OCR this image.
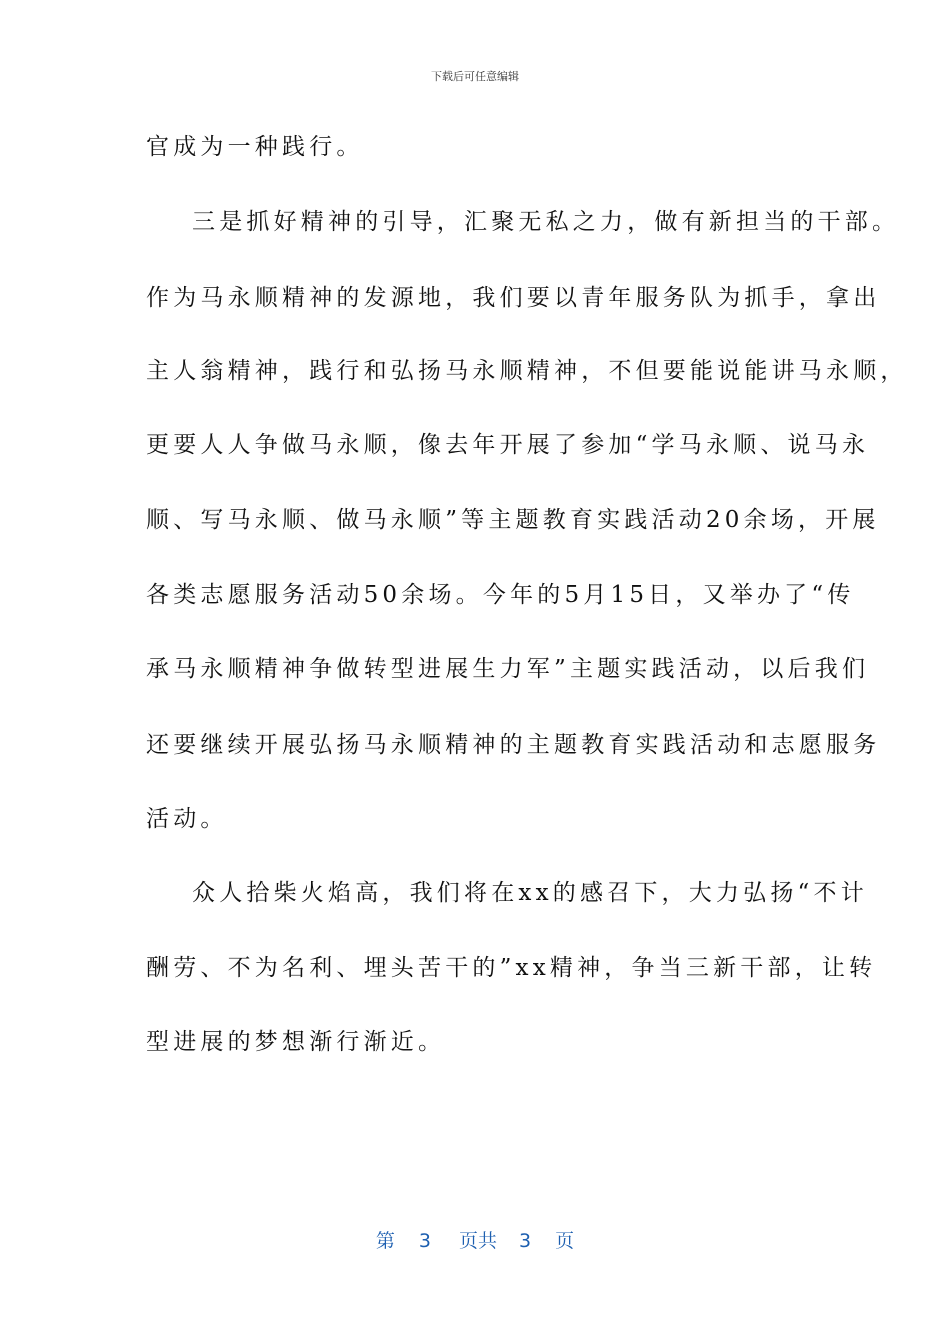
下载后可任意编辑
官成为一种践行。
三是抓好精神的引导，汇聚无私之力，做有新担当的干部。
作为马永顺精神的发源地，我们要以青年服务队为抓手，拿出
主人翁精神，践行和弘扬马永顺精神，不但要能说能讲马永顺，
更要人人争做马永顺，像去年开展了参加“学马永顺、说马永
顺、写马永顺、做马永顺”等主题教育实践活动20余场，开展
各类志愿服务活动50余场。今年的5月15日，又举办了“传
承马永顺精神争做转型进展生力军”主题实践活动，以后我们
还要继续开展弘扬马永顺精神的主题教育实践活动和志愿服务
活动。
众人拾柴火焰高，我们将在xx的感召下，大力弘扬“不计
酬劳、不为名利、埋头苦干的”xx精神，争当三新干部，让转
型进展的梦想渐行渐近。
第 3 页共 3 页
